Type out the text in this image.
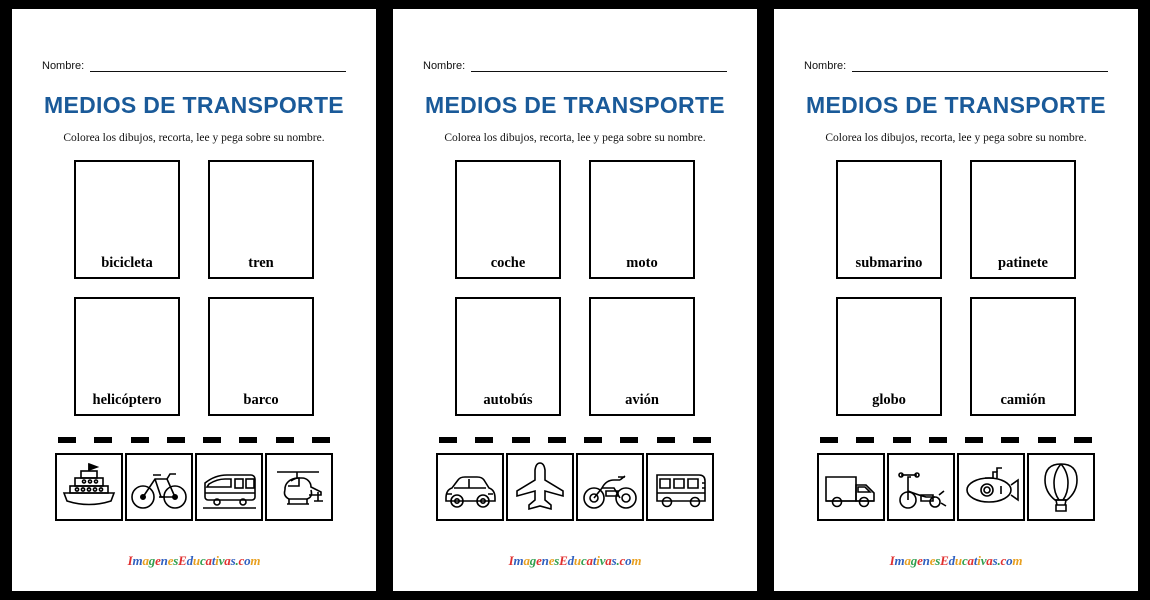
Nombre:
MEDIOS DE TRANSPORTE
Colorea los dibujos, recorta, lee y pega sobre su nombre.
bicicleta	tren
helicóptero	barco
ImagenesEducativas.com
Nombre:
MEDIOS DE TRANSPORTE
Colorea los dibujos, recorta, lee y pega sobre su nombre.
coche	moto
autobús	avión
ImagenesEducativas.com
Nombre:
MEDIOS DE TRANSPORTE
Colorea los dibujos, recorta, lee y pega sobre su nombre.
submarino	patinete
globo	camión
ImagenesEducativas.com
